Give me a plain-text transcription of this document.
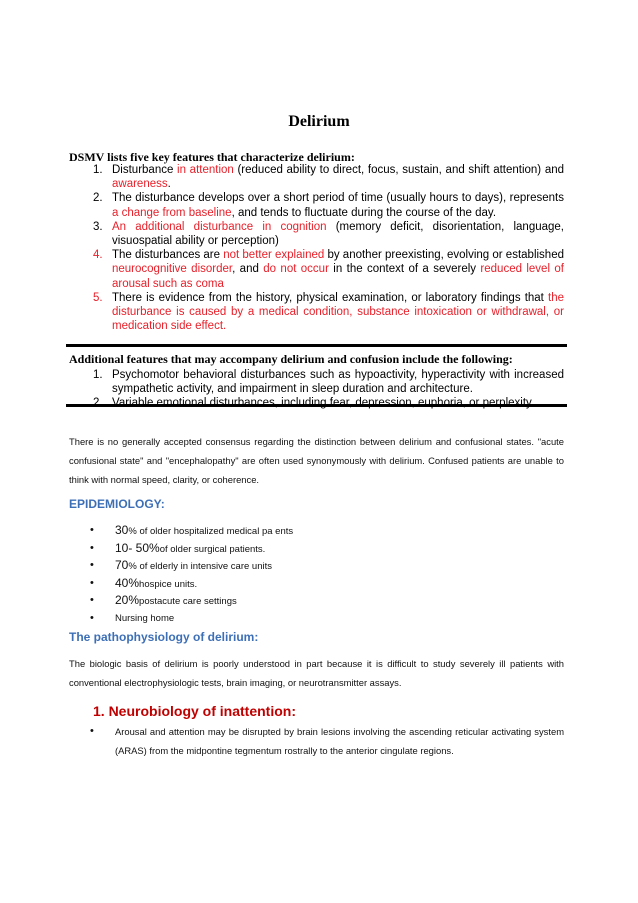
Delirium
DSMV lists five key features that characterize delirium:
1. Disturbance in attention (reduced ability to direct, focus, sustain, and shift attention) and awareness.
2. The disturbance develops over a short period of time (usually hours to days), represents a change from baseline, and tends to fluctuate during the course of the day.
3. An additional disturbance in cognition (memory deficit, disorientation, language, visuospatial ability or perception)
4. The disturbances are not better explained by another preexisting, evolving or established neurocognitive disorder, and do not occur in the context of a severely reduced level of arousal such as coma
5. There is evidence from the history, physical examination, or laboratory findings that the disturbance is caused by a medical condition, substance intoxication or withdrawal, or medication side effect.
Additional features that may accompany delirium and confusion include the following:
1. Psychomotor behavioral disturbances such as hypoactivity, hyperactivity with increased sympathetic activity, and impairment in sleep duration and architecture.
There is no generally accepted consensus regarding the distinction between delirium and confusional states. "acute confusional state" and "encephalopathy" are often used synonymously with delirium. Confused patients are unable to think with normal speed, clarity, or coherence.
EPIDEMIOLOGY:
• 30% of older hospitalized medical pa ents
• 10- 50%of older surgical patients.
• 70% of elderly in intensive care units
• 40%hospice units.
• 20%postacute care settings
• Nursing home
The pathophysiology of delirium:
The biologic basis of delirium is poorly understood in part because it is difficult to study severely ill patients with conventional electrophysiologic tests, brain imaging, or neurotransmitter assays.
1. Neurobiology of inattention:
•	Arousal and attention may be disrupted by brain lesions involving the ascending reticular activating system (ARAS) from the midpontine tegmentum rostrally to the anterior cingulate regions.
